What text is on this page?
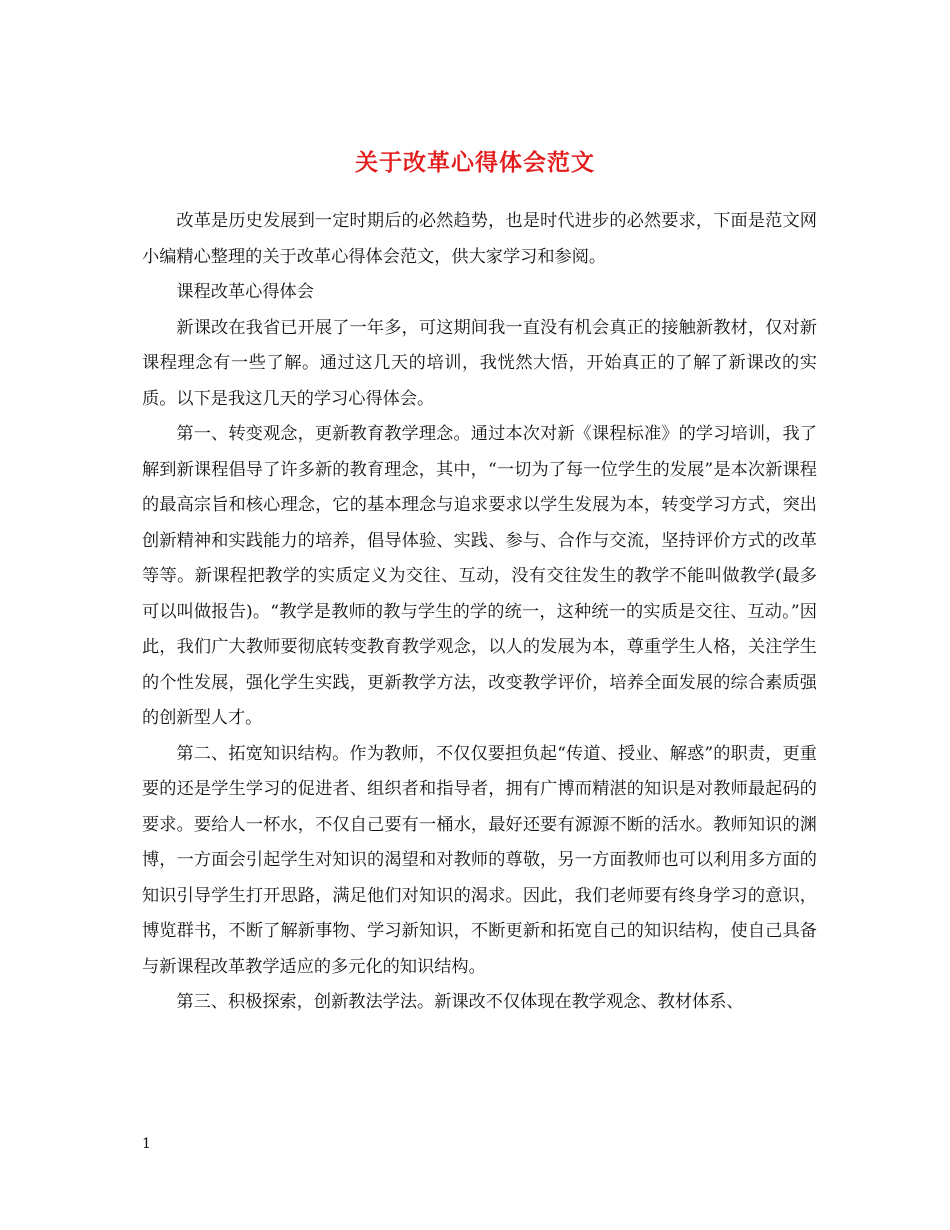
关于改革心得体会范文

改革是历史发展到一定时期后的必然趋势，也是时代进步的必然要求，下面是范文网小编精心整理的关于改革心得体会范文，供大家学习和参阅。

课程改革心得体会

新课改在我省已开展了一年多，可这期间我一直没有机会真正的接触新教材，仅对新课程理念有一些了解。通过这几天的培训，我恍然大悟，开始真正的了解了新课改的实质。以下是我这几天的学习心得体会。

第一、转变观念，更新教育教学理念。通过本次对新《课程标准》的学习培训，我了解到新课程倡导了许多新的教育理念，其中，“一切为了每一位学生的发展”是本次新课程的最高宗旨和核心理念，它的基本理念与追求要求以学生发展为本，转变学习方式，突出创新精神和实践能力的培养，倡导体验、实践、参与、合作与交流，坚持评价方式的改革等等。新课程把教学的实质定义为交往、互动，没有交往发生的教学不能叫做教学(最多可以叫做报告)。“教学是教师的教与学生的学的统一，这种统一的实质是交往、互动。”因此，我们广大教师要彻底转变教育教学观念，以人的发展为本，尊重学生人格，关注学生的个性发展，强化学生实践，更新教学方法，改变教学评价，培养全面发展的综合素质强的创新型人才。

第二、拓宽知识结构。作为教师，不仅仅要担负起“传道、授业、解惑”的职责，更重要的还是学生学习的促进者、组织者和指导者，拥有广博而精湛的知识是对教师最起码的要求。要给人一杯水，不仅自己要有一桶水，最好还要有源源不断的活水。教师知识的渊博，一方面会引起学生对知识的渴望和对教师的尊敬，另一方面教师也可以利用多方面的知识引导学生打开思路，满足他们对知识的渴求。因此，我们老师要有终身学习的意识，博览群书，不断了解新事物、学习新知识，不断更新和拓宽自己的知识结构，使自己具备与新课程改革教学适应的多元化的知识结构。

第三、积极探索，创新教法学法。新课改不仅体现在教学观念、教材体系、

1
